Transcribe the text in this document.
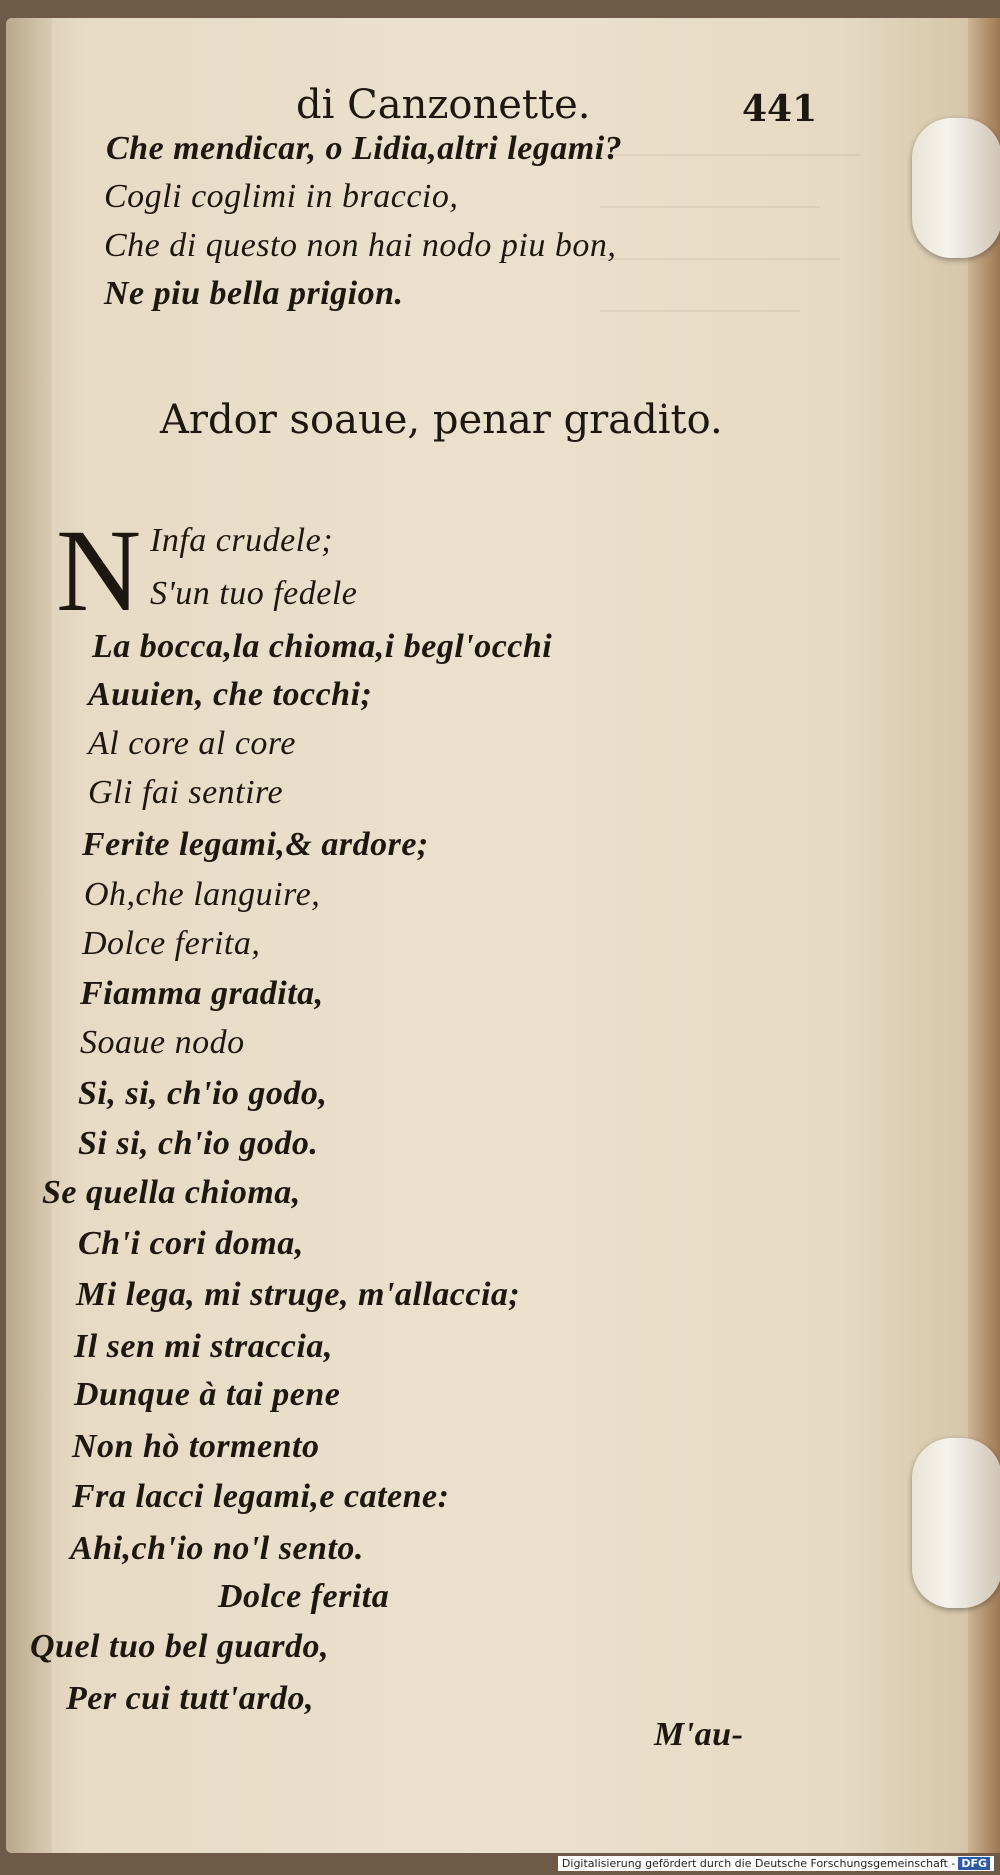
di Canzonette.	441
Che mendicar, o Lidia,altri legami?
Cogli coglimi in braccio,
Che di questo non hai nodo piu bon,
Ne piu bella prigion.
Ardor soaue, penar gradito.
N Infa crudele;
S'un tuo fedele
La bocca,la chioma,i begl'occhi
Auuien, che tocchi;
Al core al core
Gli fai sentire
Ferite legami,& ardore;
Oh,che languire,
Dolce ferita,
Fiamma gradita,
Soaue nodo
Si, si, ch'io godo,
Si si, ch'io godo.
Se quella chioma,
Ch'i cori doma,
Mi lega, mi struge, m'allaccia;
Il sen mi straccia,
Dunque à tai pene
Non hò tormento
Fra lacci legami,e catene:
Ahi,ch'io no'l sento.
Dolce ferita
Quel tuo bel guardo,
Per cui tutt'ardo,
M'au-
Digitalisierung gefördert durch die Deutsche Forschungsgemeinschaft - DFG
